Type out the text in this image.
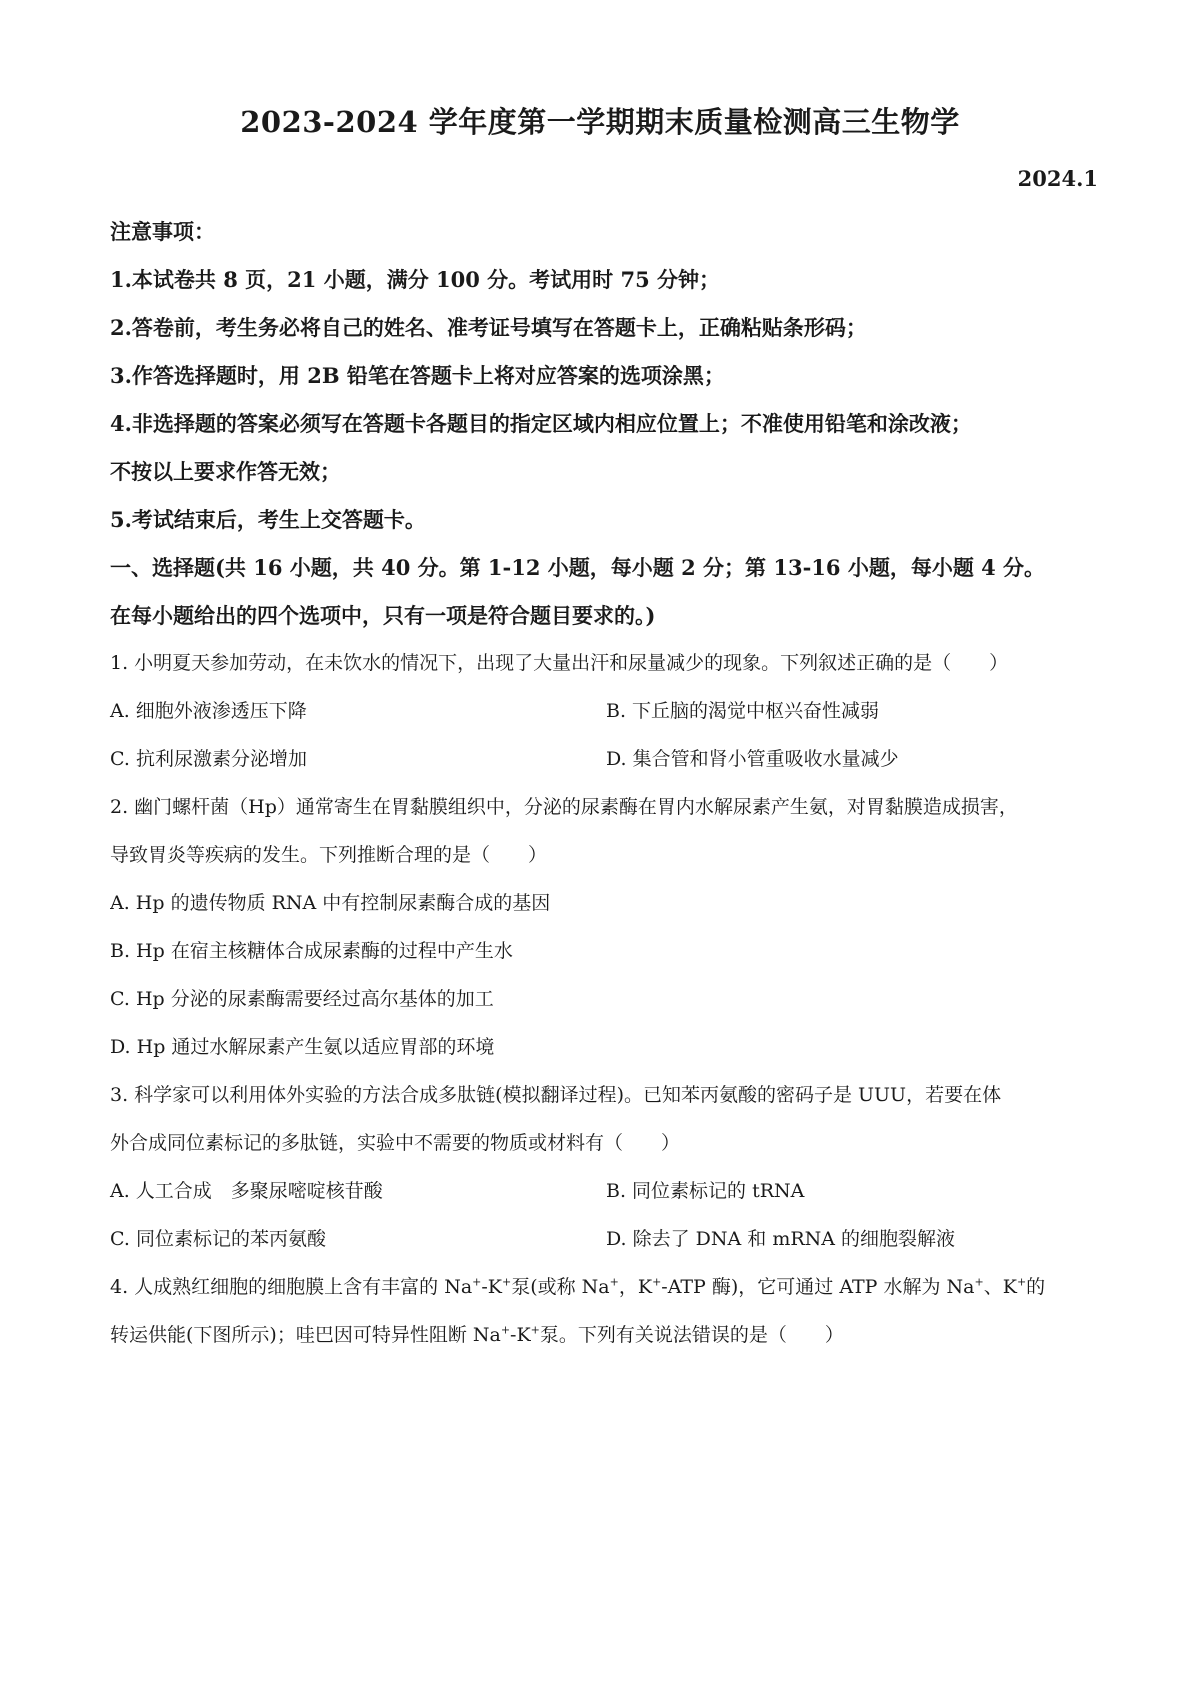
2023-2024 学年度第一学期期末质量检测高三生物学
2024.1
注意事项：
1.本试卷共 8 页，21 小题，满分 100 分。考试用时 75 分钟；
2.答卷前，考生务必将自己的姓名、准考证号填写在答题卡上，正确粘贴条形码；
3.作答选择题时，用 2B 铅笔在答题卡上将对应答案的选项涂黑；
4.非选择题的答案必须写在答题卡各题目的指定区域内相应位置上；不准使用铅笔和涂改液；
不按以上要求作答无效；
5.考试结束后，考生上交答题卡。
一、选择题(共 16 小题，共 40 分。第 1-12 小题，每小题 2 分；第 13-16 小题，每小题 4 分。
在每小题给出的四个选项中，只有一项是符合题目要求的。)
1. 小明夏天参加劳动，在未饮水的情况下，出现了大量出汗和尿量减少的现象。下列叙述正确的是（　　）
A. 细胞外液渗透压下降	B. 下丘脑的渴觉中枢兴奋性减弱
C. 抗利尿激素分泌增加	D. 集合管和肾小管重吸收水量减少
2. 幽门螺杆菌（Hp）通常寄生在胃黏膜组织中，分泌的尿素酶在胃内水解尿素产生氨，对胃黏膜造成损害，
导致胃炎等疾病的发生。下列推断合理的是（　　）
A. Hp 的遗传物质 RNA 中有控制尿素酶合成的基因
B. Hp 在宿主核糖体合成尿素酶的过程中产生水
C. Hp 分泌的尿素酶需要经过高尔基体的加工
D. Hp 通过水解尿素产生氨以适应胃部的环境
3. 科学家可以利用体外实验的方法合成多肽链(模拟翻译过程)。已知苯丙氨酸的密码子是 UUU，若要在体
外合成同位素标记的多肽链，实验中不需要的物质或材料有（　　）
A. 人工合成　多聚尿嘧啶核苷酸	B. 同位素标记的 tRNA
C. 同位素标记的苯丙氨酸	D. 除去了 DNA 和 mRNA 的细胞裂解液
4. 人成熟红细胞的细胞膜上含有丰富的 Na+-K+泵(或称 Na+，K+-ATP 酶)，它可通过 ATP 水解为 Na+、K+的
转运供能(下图所示)；哇巴因可特异性阻断 Na+-K+泵。下列有关说法错误的是（　　）
